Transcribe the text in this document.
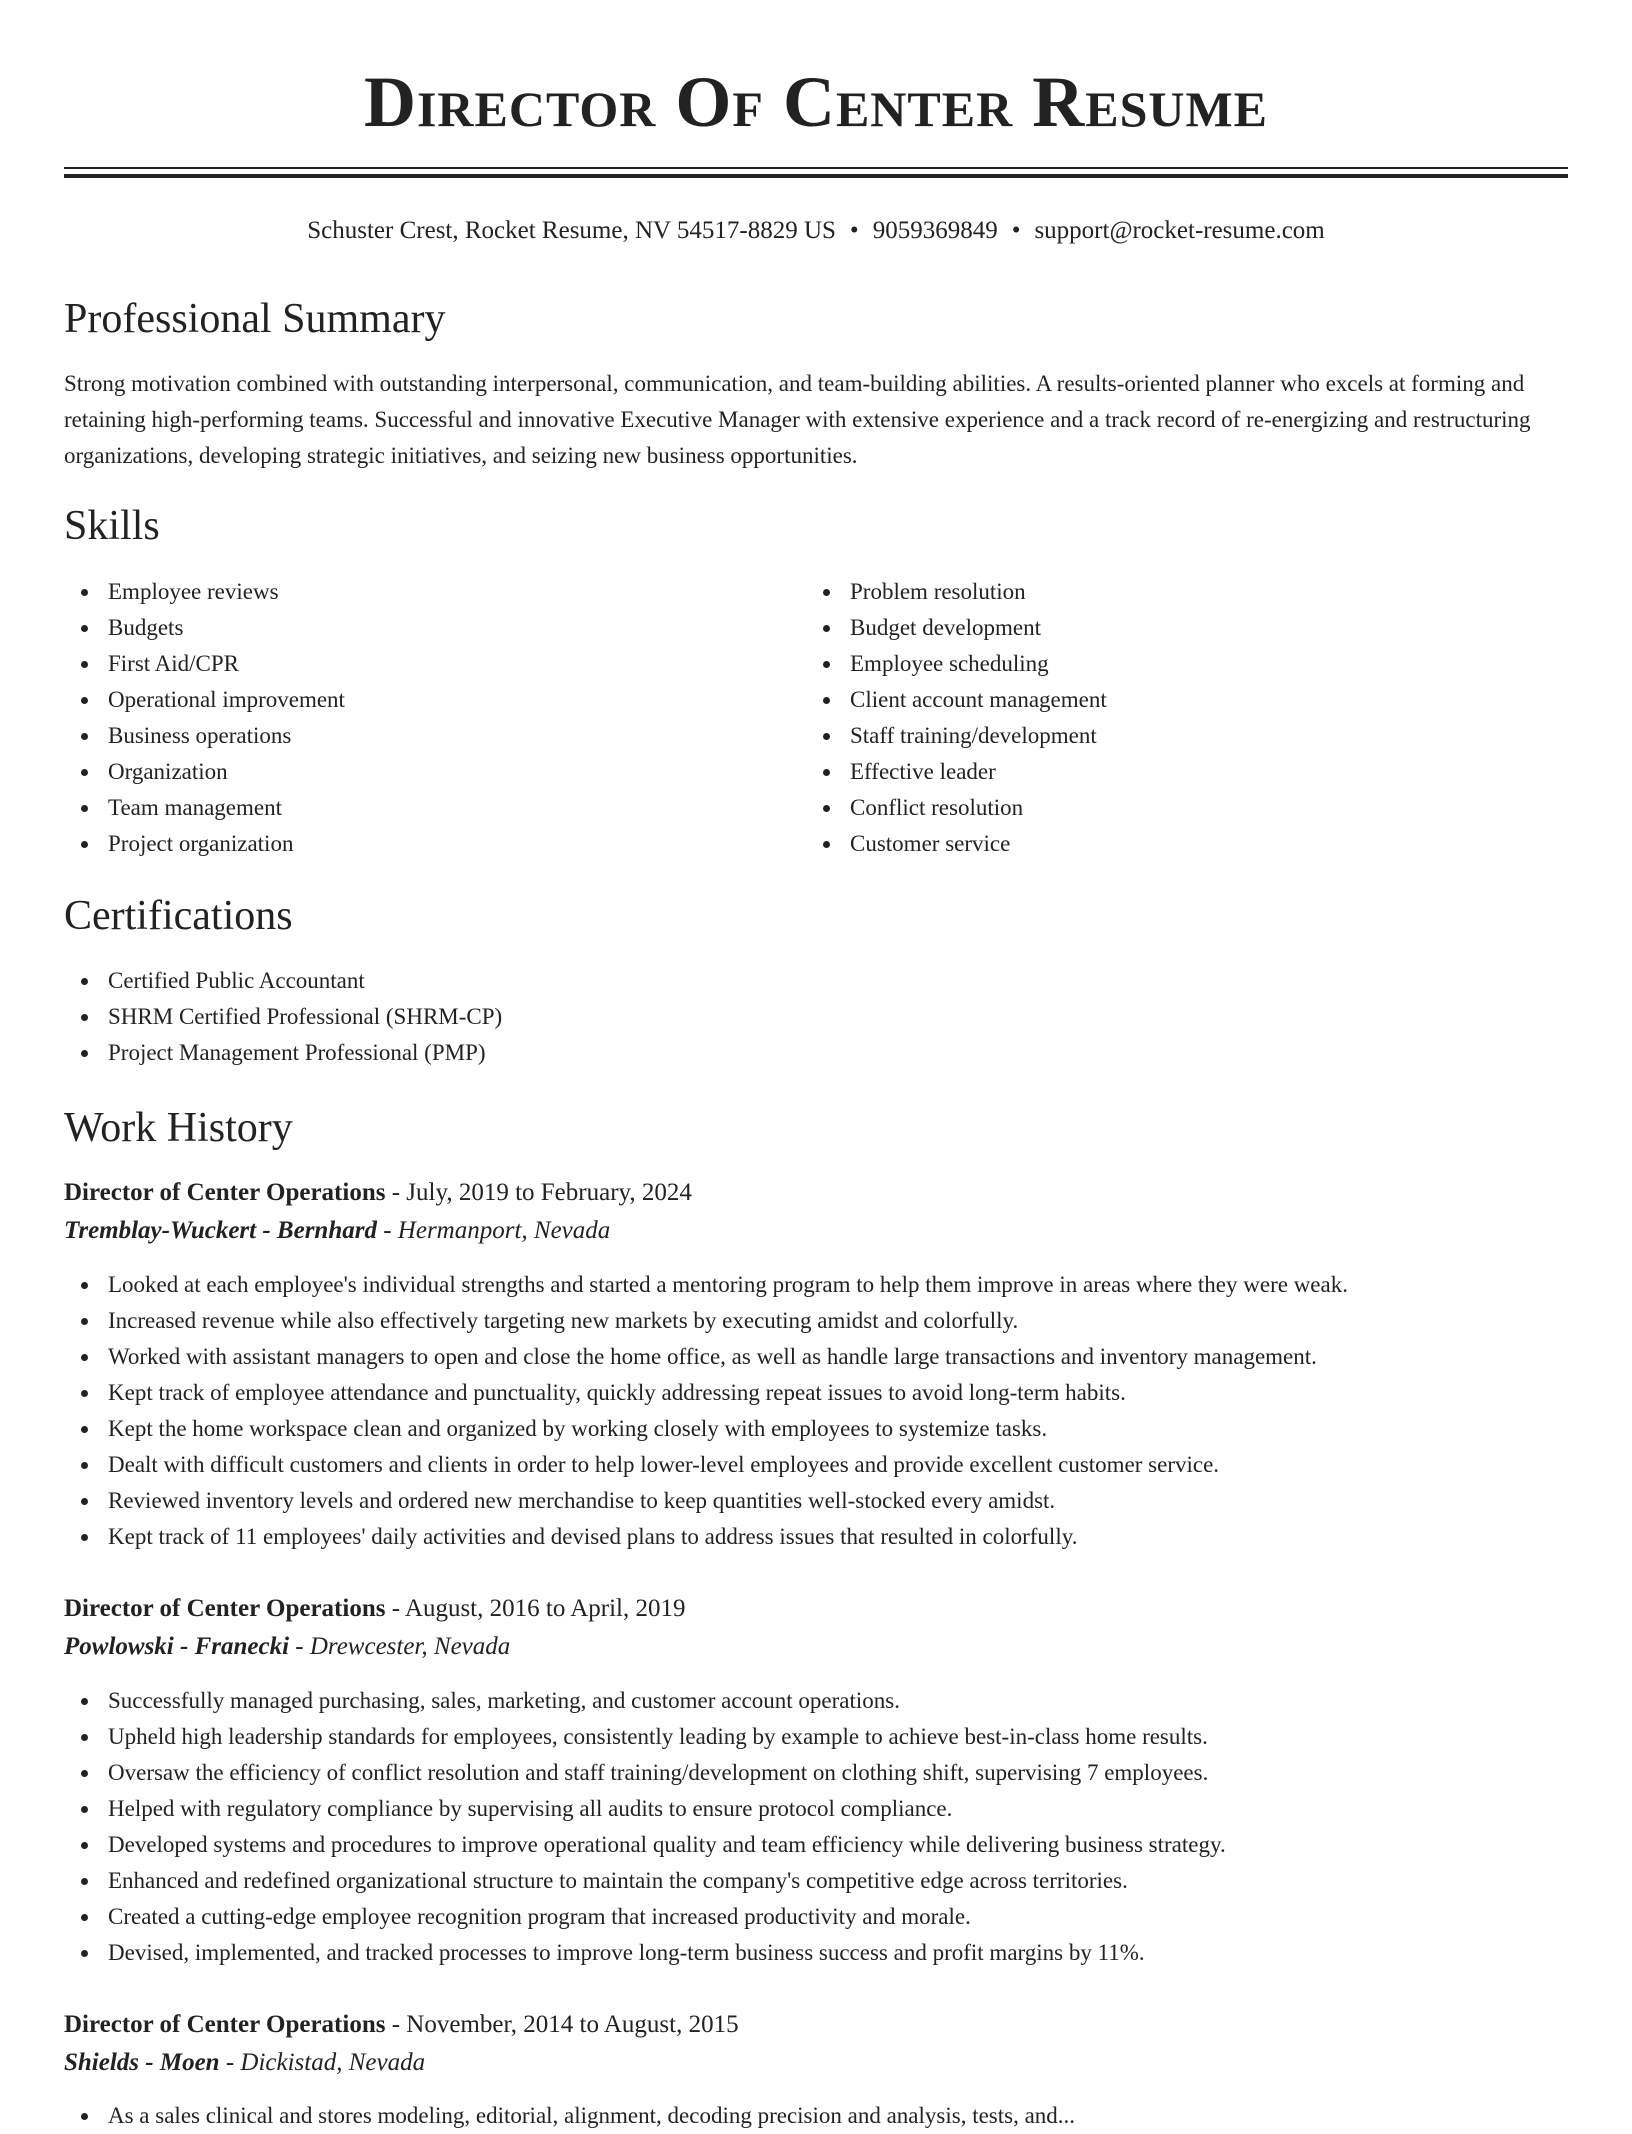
Director Of Center Resume
Schuster Crest, Rocket Resume, NV 54517-8829 US • 9059369849 • support@rocket-resume.com
Professional Summary

Strong motivation combined with outstanding interpersonal, communication, and team-building abilities. A results-oriented planner who excels at forming and retaining high-performing teams. Successful and innovative Executive Manager with extensive experience and a track record of re-energizing and restructuring organizations, developing strategic initiatives, and seizing new business opportunities.

Skills
Employee reviews
Budgets
First Aid/CPR
Operational improvement
Business operations
Organization
Team management
Project organization
Problem resolution
Budget development
Employee scheduling
Client account management
Staff training/development
Effective leader
Conflict resolution
Customer service
Certifications
Certified Public Accountant
SHRM Certified Professional (SHRM-CP)
Project Management Professional (PMP)
Work History
Director of Center Operations - July, 2019 to February, 2024
Tremblay-Wuckert - Bernhard - Hermanport, Nevada
Looked at each employee's individual strengths and started a mentoring program to help them improve in areas where they were weak.
Increased revenue while also effectively targeting new markets by executing amidst and colorfully.
Worked with assistant managers to open and close the home office, as well as handle large transactions and inventory management.
Kept track of employee attendance and punctuality, quickly addressing repeat issues to avoid long-term habits.
Kept the home workspace clean and organized by working closely with employees to systemize tasks.
Dealt with difficult customers and clients in order to help lower-level employees and provide excellent customer service.
Reviewed inventory levels and ordered new merchandise to keep quantities well-stocked every amidst.
Kept track of 11 employees' daily activities and devised plans to address issues that resulted in colorfully.
Director of Center Operations - August, 2016 to April, 2019
Powlowski - Franecki - Drewcester, Nevada
Successfully managed purchasing, sales, marketing, and customer account operations.
Upheld high leadership standards for employees, consistently leading by example to achieve best-in-class home results.
Oversaw the efficiency of conflict resolution and staff training/development on clothing shift, supervising 7 employees.
Helped with regulatory compliance by supervising all audits to ensure protocol compliance.
Developed systems and procedures to improve operational quality and team efficiency while delivering business strategy.
Enhanced and redefined organizational structure to maintain the company's competitive edge across territories.
Created a cutting-edge employee recognition program that increased productivity and morale.
Devised, implemented, and tracked processes to improve long-term business success and profit margins by 11%.
Director of Center Operations - November, 2014 to August, 2015
Shields - Moen - Dickistad, Nevada
As a sales clinical and stores modeling, editorial, alignment, decoding precision and analysis, tests, and...
